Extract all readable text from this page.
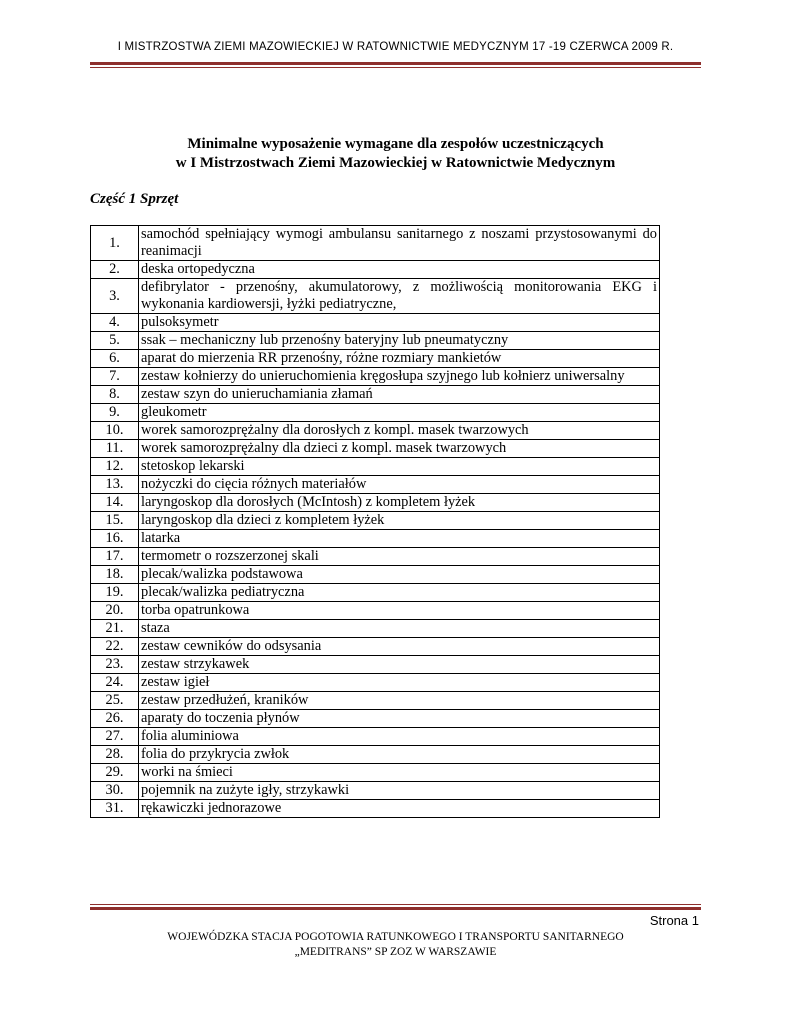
I MISTRZOSTWA ZIEMI MAZOWIECKIEJ W RATOWNICTWIE MEDYCZNYM 17 -19 CZERWCA 2009 R.
Minimalne wyposażenie wymagane dla zespołów uczestniczących
w I Mistrzostwach Ziemi Mazowieckiej w Ratownictwie Medycznym
Część 1 Sprzęt
1.	samochód spełniający wymogi ambulansu sanitarnego z noszami przystosowanymi do reanimacji
2.	deska ortopedyczna
3.	defibrylator - przenośny, akumulatorowy, z możliwością monitorowania EKG i wykonania kardiowersji, łyżki pediatryczne,
4.	pulsoksymetr
5.	ssak – mechaniczny lub przenośny bateryjny lub pneumatyczny
6.	aparat do mierzenia RR przenośny, różne rozmiary mankietów
7.	zestaw kołnierzy do unieruchomienia kręgosłupa szyjnego lub kołnierz uniwersalny
8.	zestaw szyn do unieruchamiania złamań
9.	gleukometr
10.	worek samorozprężalny dla dorosłych z kompl. masek twarzowych
11.	worek samorozprężalny dla dzieci z kompl. masek twarzowych
12.	stetoskop lekarski
13.	nożyczki do cięcia różnych materiałów
14.	laryngoskop dla dorosłych (McIntosh) z kompletem łyżek
15.	laryngoskop dla dzieci z kompletem łyżek
16.	latarka
17.	termometr o rozszerzonej skali
18.	plecak/walizka podstawowa
19.	plecak/walizka pediatryczna
20.	torba opatrunkowa
21.	staza
22.	zestaw cewników do odsysania
23.	zestaw strzykawek
24.	zestaw igieł
25.	zestaw przedłużeń, kraników
26.	aparaty do toczenia płynów
27.	folia aluminiowa
28.	folia do przykrycia zwłok
29.	worki na śmieci
30.	pojemnik na zużyte igły, strzykawki
31.	rękawiczki jednorazowe
Strona 1
WOJEWÓDZKA STACJA POGOTOWIA RATUNKOWEGO I TRANSPORTU SANITARNEGO
„MEDITRANS” SP ZOZ W WARSZAWIE
